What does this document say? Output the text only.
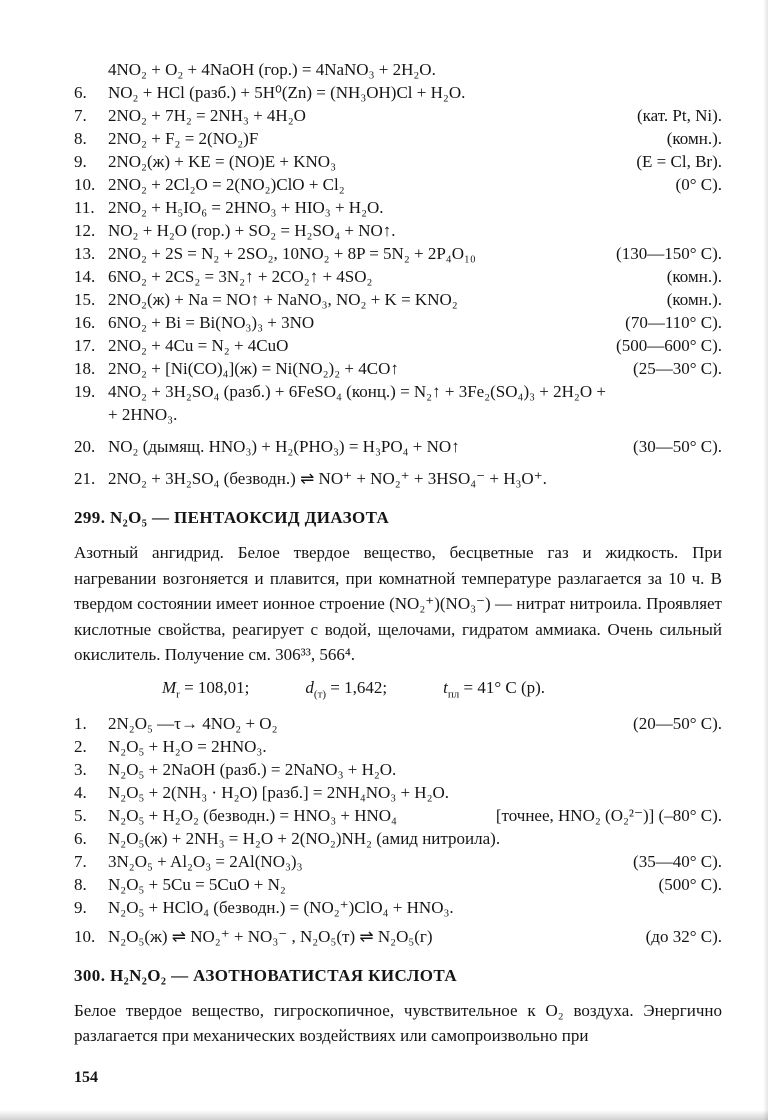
4NO₂ + O₂ + 4NaOH (гор.) = 4NaNO₃ + 2H₂O.
6.	NO₂ + HCl (разб.) + 5H⁰(Zn) = (NH₃OH)Cl + H₂O.
7.	2NO₂ + 7H₂ = 2NH₃ + 4H₂O	(кат. Pt, Ni).
8.	2NO₂ + F₂ = 2(NO₂)F	(комн.).
9.	2NO₂(ж) + KE = (NO)E + KNO₃	(E = Cl, Br).
10. 2NO₂ + 2Cl₂O = 2(NO₂)ClO + Cl₂	(0° C).
11. 2NO₂ + H₅IO₆ = 2HNO₃ + HIO₃ + H₂O.
12. NO₂ + H₂O (гор.) + SO₂ = H₂SO₄ + NO↑.
13. 2NO₂ + 2S = N₂ + 2SO₂, 10NO₂ + 8P = 5N₂ + 2P₄O₁₀	(130—150° C).
14. 6NO₂ + 2CS₂ = 3N₂↑ + 2CO₂↑ + 4SO₂	(комн.).
15. 2NO₂(ж) + Na = NO↑ + NaNO₃, NO₂ + K = KNO₂	(комн.).
16. 6NO₂ + Bi = Bi(NO₃)₃ + 3NO	(70—110° C).
17. 2NO₂ + 4Cu = N₂ + 4CuO	(500—600° C).
18. 2NO₂ + [Ni(CO)₄](ж) = Ni(NO₂)₂ + 4CO↑	(25—30° C).
19. 4NO₂ + 3H₂SO₄ (разб.) + 6FeSO₄ (конц.) = N₂↑ + 3Fe₂(SO₄)₃ + 2H₂O +
+ 2HNO₃.
20. NO₂ (дымящ. HNO₃) + H₂(PHO₃) = H₃PO₄ + NO↑	(30—50° C).
21. 2NO₂ + 3H₂SO₄ (безводн.) ⇌ NO⁺ + NO₂⁺ + 3HSO₄⁻ + H₃O⁺.
299. N₂O₅ — ПЕНТАОКСИД ДИАЗОТА

Азотный ангидрид. Белое твердое вещество, бесцветные газ и жидкость. При нагревании возгоняется и плавится, при комнатной температуре разлагается за 10 ч. В твердом состоянии имеет ионное строение (NO₂⁺)(NO₃⁻) — нитрат нитроила. Проявляет кислотные свойства, реагирует с водой, щелочами, гидратом аммиака. Очень сильный окислитель. Получение см. 306³³, 566⁴.

$M_r = 108,01$;	$d_{(т)} = 1,642$;	$t_{пл} = 41^\circ$ C (р).
1.	2N₂O₅ —τ→ 4NO₂ + O₂	(20—50° C).
2.	N₂O₅ + H₂O = 2HNO₃.
3.	N₂O₅ + 2NaOH (разб.) = 2NaNO₃ + H₂O.
4.	N₂O₅ + 2(NH₃ · H₂O) [разб.] = 2NH₄NO₃ + H₂O.
5.	N₂O₅ + H₂O₂ (безводн.) = HNO₃ + HNO₄	[точнее, HNO₂ (O₂²⁻)] (–80° C).
6.	N₂O₅(ж) + 2NH₃ = H₂O + 2(NO₂)NH₂ (амид нитроила).
7.	3N₂O₅ + Al₂O₃ = 2Al(NO₃)₃	(35—40° C).
8.	N₂O₅ + 5Cu = 5CuO + N₂	(500° C).
9.	N₂O₅ + HClO₄ (безводн.) = (NO₂⁺)ClO₄ + HNO₃.
10. N₂O₅(ж) ⇌ NO₂⁺ + NO₃⁻ , N₂O₅(т) ⇌ N₂O₅(г)	(до 32° C).
300. H₂N₂O₂ — АЗОТНОВАТИСТАЯ КИСЛОТА

Белое твердое вещество, гигроскопичное, чувствительное к O₂ воздуха. Энергично разлагается при механических воздействиях или самопроизвольно при

154
